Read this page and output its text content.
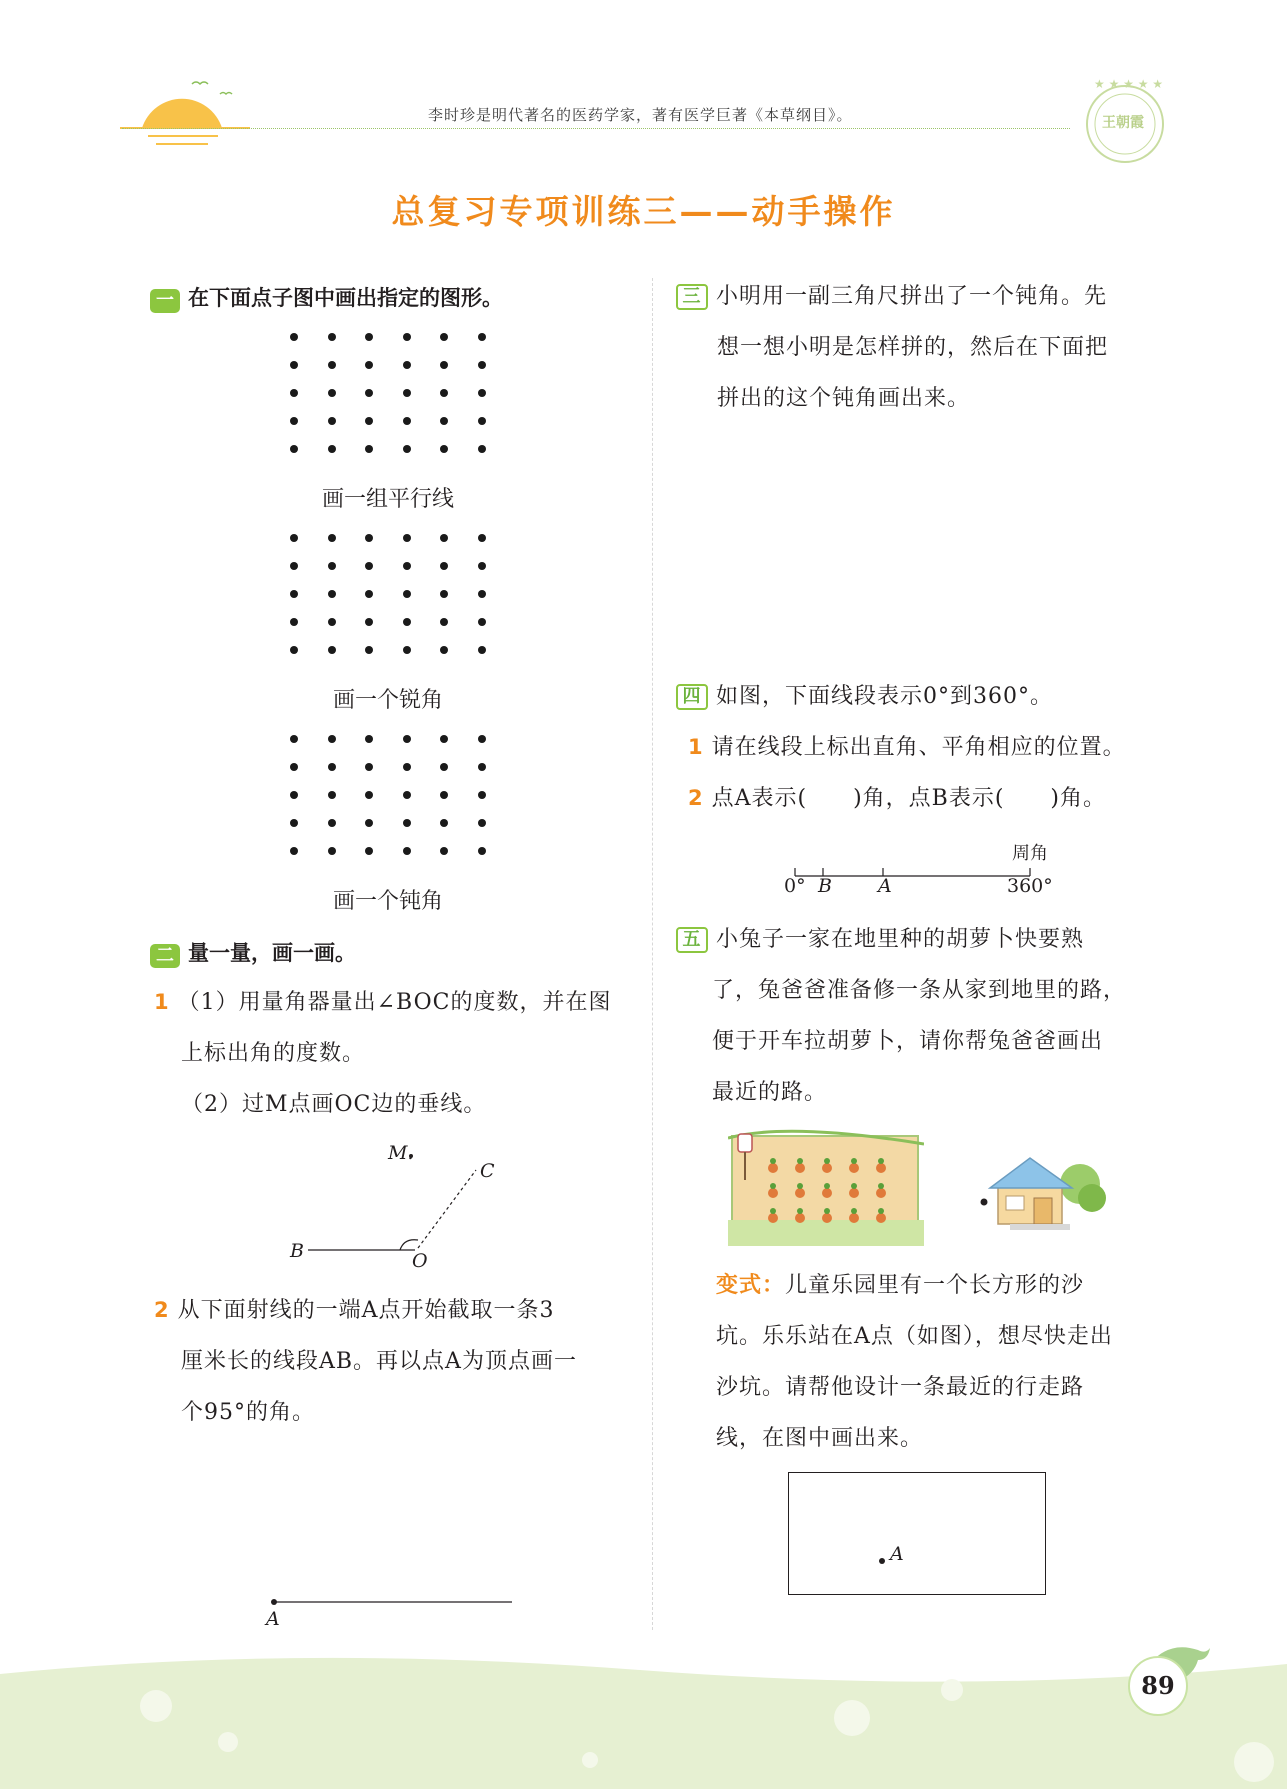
李时珍是明代著名的医药学家，著有医学巨著《本草纲目》。
★ ★ ★ ★ ★
王朝霞
总复习专项训练三——动手操作
一 在下面点子图中画出指定的图形。
画一组平行线
画一个锐角
画一个钝角
二 量一量，画一画。
1 （1）用量角器量出∠BOC的度数，并在图
上标出角的度数。
（2）过M点画OC边的垂线。
M.
C
B	O
2 从下面射线的一端A点开始截取一条3
厘米长的线段AB。再以点A为顶点画一
个95°的角。
A
三 小明用一副三角尺拼出了一个钝角。先
想一想小明是怎样拼的，然后在下面把
拼出的这个钝角画出来。
四 如图，下面线段表示0°到360°。
1 请在线段上标出直角、平角相应的位置。
2 点A表示(　　)角，点B表示(　　)角。
周角
0° B A	360°
五 小兔子一家在地里种的胡萝卜快要熟
了，兔爸爸准备修一条从家到地里的路，
便于开车拉胡萝卜，请你帮兔爸爸画出
最近的路。
变式：儿童乐园里有一个长方形的沙
坑。乐乐站在A点（如图），想尽快走出
沙坑。请帮他设计一条最近的行走路
线，在图中画出来。
A
89
